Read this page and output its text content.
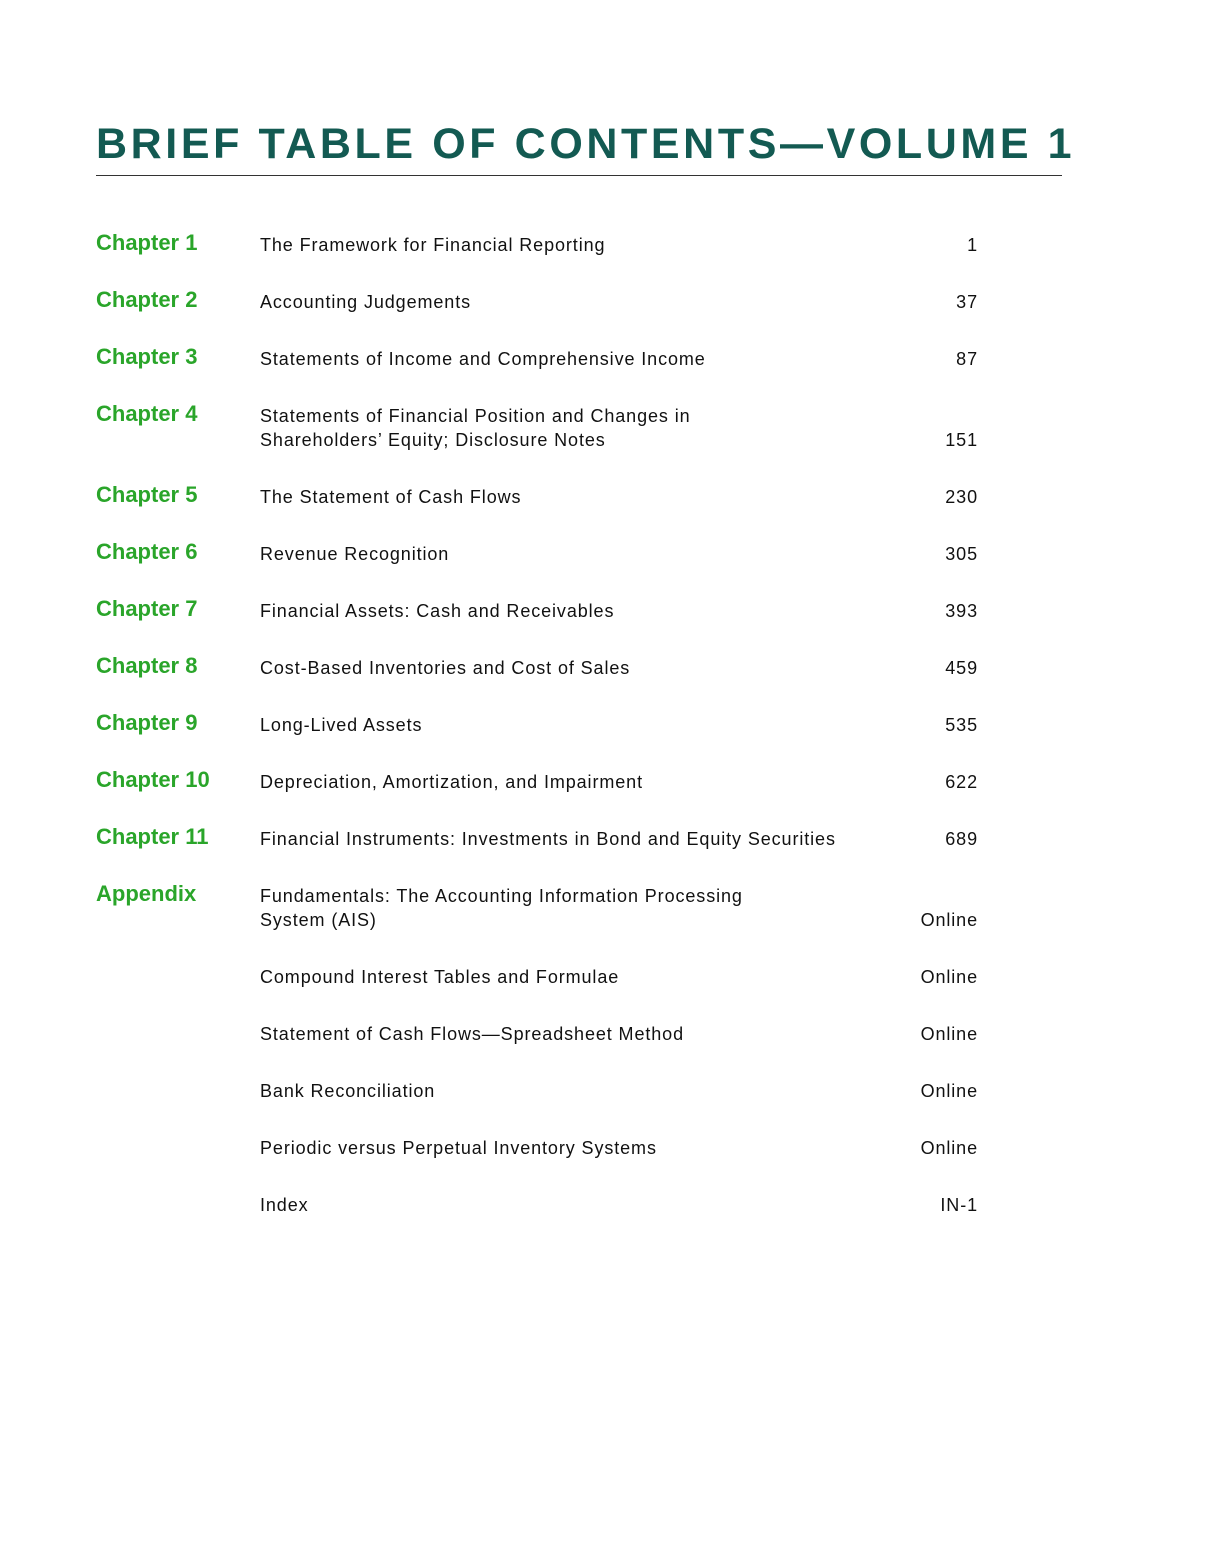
BRIEF TABLE OF CONTENTS—VOLUME 1
Chapter 1	The Framework for Financial Reporting	1
Chapter 2	Accounting Judgements	37
Chapter 3	Statements of Income and Comprehensive Income	87
Chapter 4	Statements of Financial Position and Changes in
Shareholders’ Equity; Disclosure Notes	151
Chapter 5	The Statement of Cash Flows	230
Chapter 6	Revenue Recognition	305
Chapter 7	Financial Assets: Cash and Receivables	393
Chapter 8	Cost-Based Inventories and Cost of Sales	459
Chapter 9	Long-Lived Assets	535
Chapter 10	Depreciation, Amortization, and Impairment	622
Chapter 11	Financial Instruments: Investments in Bond and Equity Securities	689
Appendix	Fundamentals: The Accounting Information Processing
System (AIS)	Online
Compound Interest Tables and Formulae	Online
Statement of Cash Flows—Spreadsheet Method	Online
Bank Reconciliation	Online
Periodic versus Perpetual Inventory Systems	Online
Index	IN-1
